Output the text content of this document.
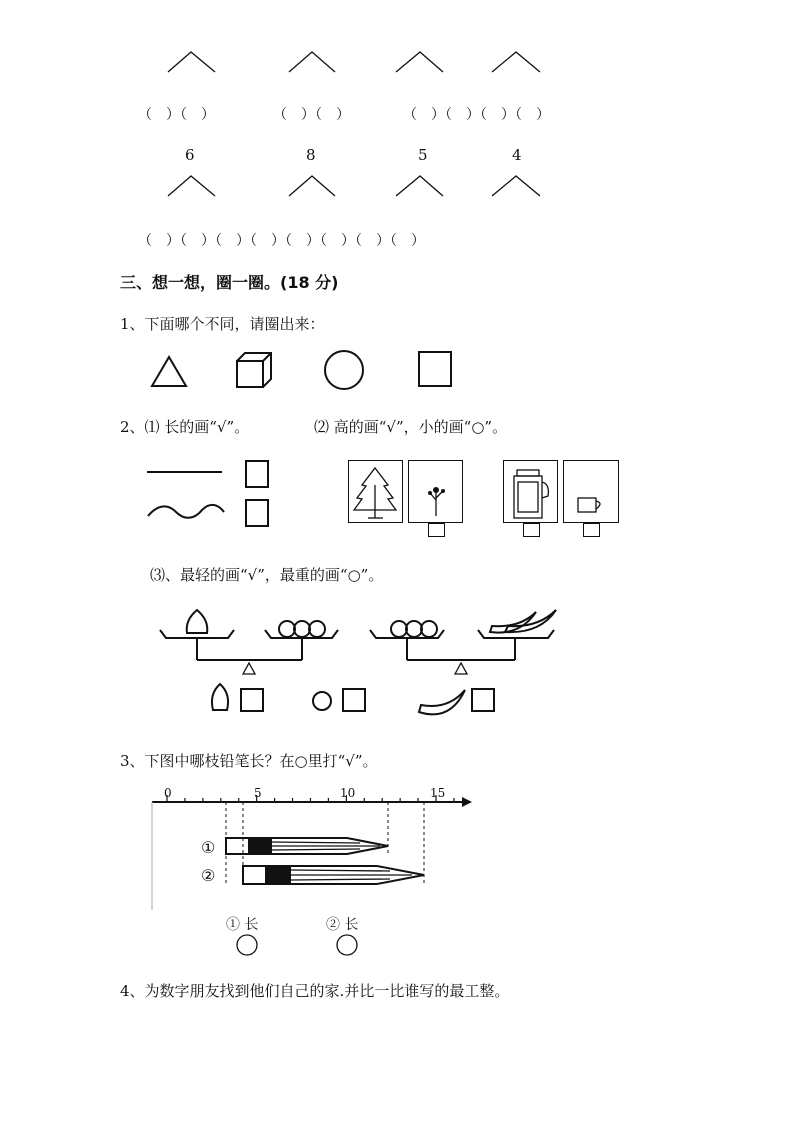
（　）（　）	（　）（　）	（　）（　）（　）（　）
6	8	5	4
（　）（　）（　）（　）（　）（　）（　）（　）
三、想一想，圈一圈。(18 分)
1、下面哪个不同，请圈出来：

2、⑴ 长的画“√”。	⑵ 高的画“√”，小的画“○”。
⑶、最轻的画“√”，最重的画“○”。

3、下图中哪枝铅笔长？在○里打“√”。

0	5	10	15
①
②
① 长	② 长
4、为数字朋友找到他们自己的家.并比一比谁写的最工整。
